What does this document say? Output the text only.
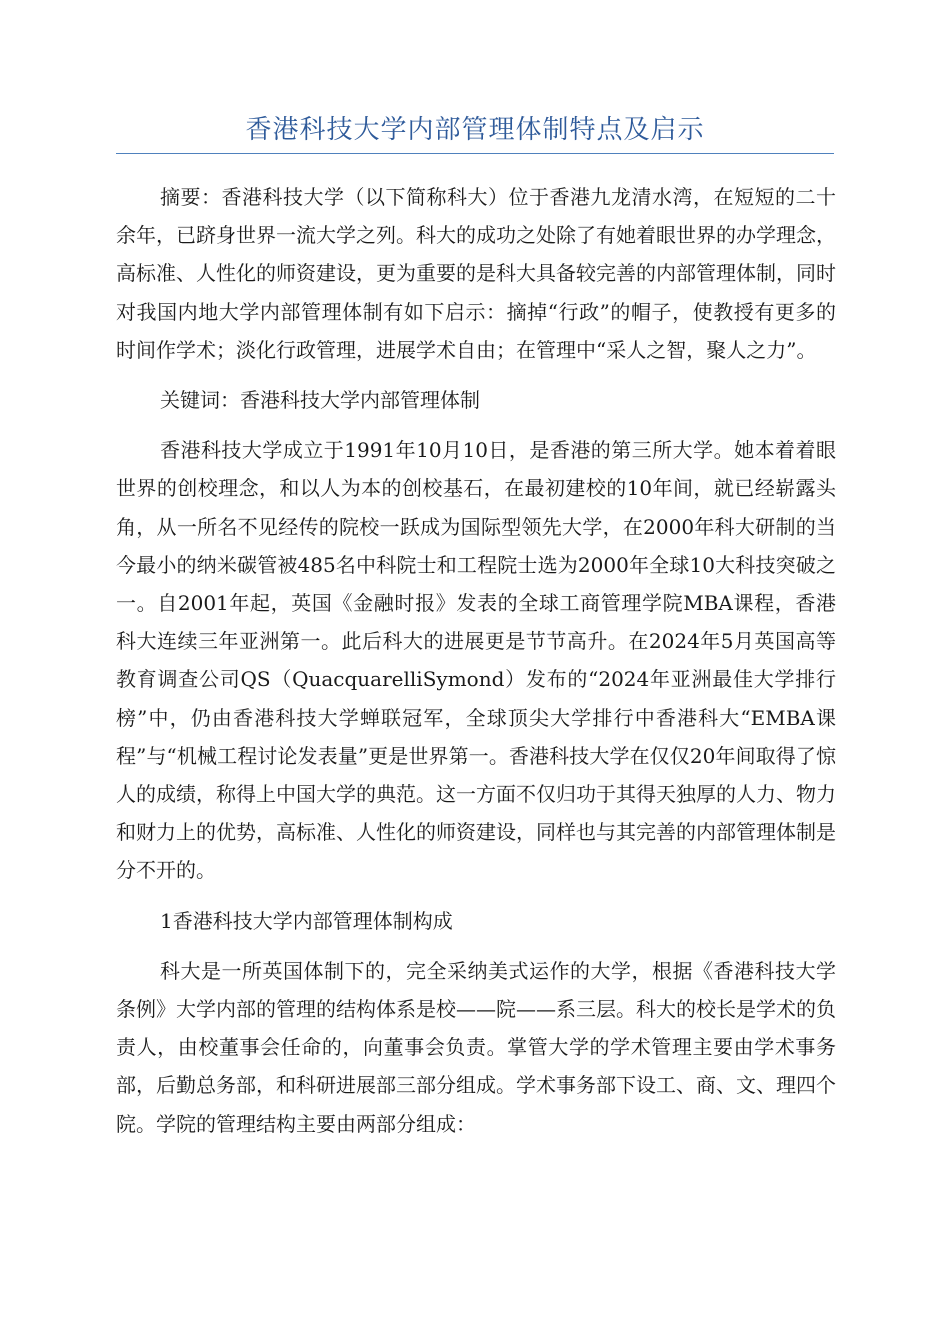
香港科技大学内部管理体制特点及启示

摘要：香港科技大学（以下简称科大）位于香港九龙清水湾，在短短的二十余年，已跻身世界一流大学之列。科大的成功之处除了有她着眼世界的办学理念，高标准、人性化的师资建设，更为重要的是科大具备较完善的内部管理体制，同时对我国内地大学内部管理体制有如下启示：摘掉“行政”的帽子，使教授有更多的时间作学术；淡化行政管理，进展学术自由；在管理中“采人之智，聚人之力”。

关键词：香港科技大学内部管理体制

香港科技大学成立于1991年10月10日，是香港的第三所大学。她本着着眼世界的创校理念，和以人为本的创校基石，在最初建校的10年间，就已经崭露头角，从一所名不见经传的院校一跃成为国际型领先大学，在2000年科大研制的当今最小的纳米碳管被485名中科院士和工程院士选为2000年全球10大科技突破之一。自2001年起，英国《金融时报》发表的全球工商管理学院MBA课程，香港科大连续三年亚洲第一。此后科大的进展更是节节高升。在2024年5月英国高等教育调查公司QS（QuacquarelliSymond）发布的“2024年亚洲最佳大学排行榜”中，仍由香港科技大学蝉联冠军，全球顶尖大学排行中香港科大“EMBA课程”与“机械工程讨论发表量”更是世界第一。香港科技大学在仅仅20年间取得了惊人的成绩，称得上中国大学的典范。这一方面不仅归功于其得天独厚的人力、物力和财力上的优势，高标准、人性化的师资建设，同样也与其完善的内部管理体制是分不开的。

1香港科技大学内部管理体制构成

科大是一所英国体制下的，完全采纳美式运作的大学，根据《香港科技大学条例》大学内部的管理的结构体系是校——院——系三层。科大的校长是学术的负责人，由校董事会任命的，向董事会负责。掌管大学的学术管理主要由学术事务部，后勤总务部，和科研进展部三部分组成。学术事务部下设工、商、文、理四个院。学院的管理结构主要由两部分组成：
